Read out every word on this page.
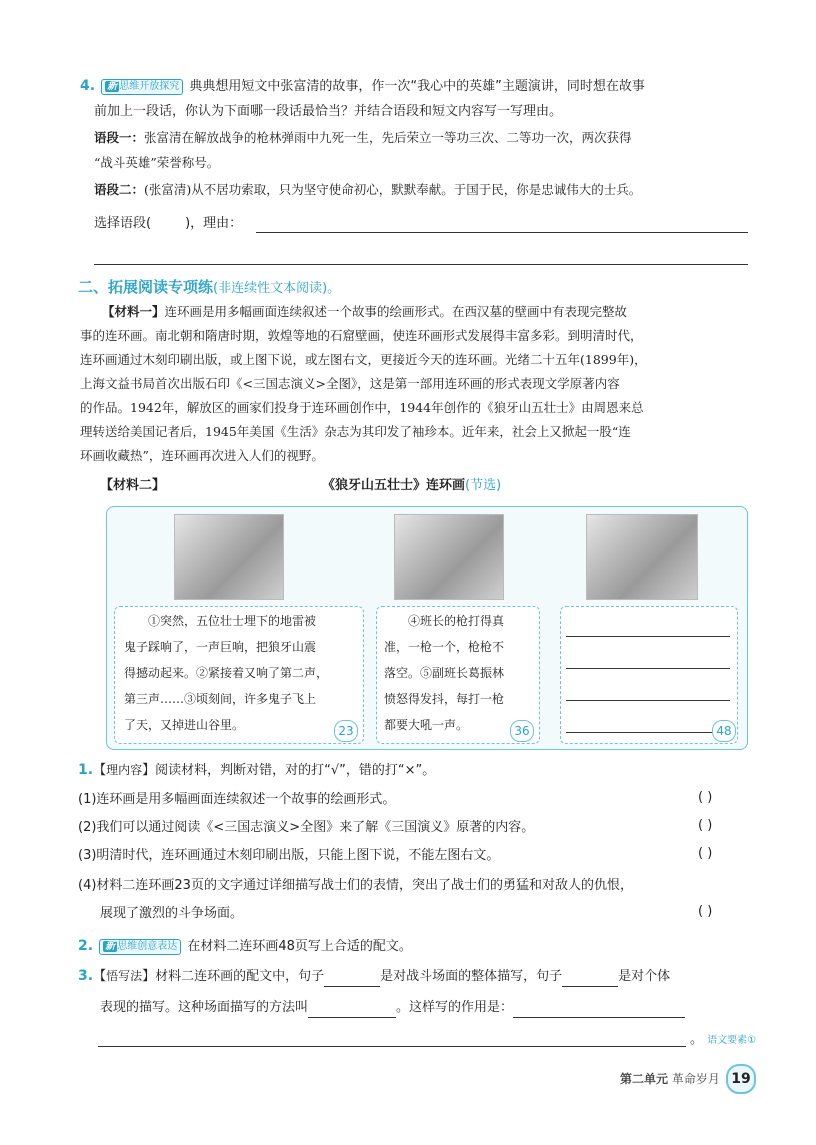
4. 新 思维开放探究 典典想用短文中张富清的故事，作一次“我心中的英雄”主题演讲，同时想在故事
前加上一段话，你认为下面哪一段话最恰当？并结合语段和短文内容写一写理由。
语段一：张富清在解放战争的枪林弹雨中九死一生，先后荣立一等功三次、二等功一次，两次获得
“战斗英雄”荣誉称号。
语段二：(张富清)从不居功索取，只为坚守使命初心，默默奉献。于国于民，你是忠诚伟大的士兵。
选择语段(	)，理由：
二、拓展阅读专项练(非连续性文本阅读)。
【材料一】连环画是用多幅画面连续叙述一个故事的绘画形式。在西汉墓的壁画中有表现完整故
事的连环画。南北朝和隋唐时期，敦煌等地的石窟壁画，使连环画形式发展得丰富多彩。到明清时代，
连环画通过木刻印刷出版，或上图下说，或左图右文，更接近今天的连环画。光绪二十五年(1899年)，
上海文益书局首次出版石印《<三国志演义>全图》，这是第一部用连环画的形式表现文学原著内容
的作品。1942年，解放区的画家们投身于连环画创作中，1944年创作的《狼牙山五壮士》由周恩来总
理转送给美国记者后，1945年美国《生活》杂志为其印发了袖珍本。近年来，社会上又掀起一股“连
环画收藏热”，连环画再次进入人们的视野。
【材料二】	《狼牙山五壮士》连环画(节选)
①突然，五位壮士埋下的地雷被
鬼子踩响了，一声巨响，把狼牙山震
得撼动起来。②紧接着又响了第二声，
第三声……③顷刻间，许多鬼子飞上
了天，又掉进山谷里。	23
④班长的枪打得真
准，一枪一个，枪枪不
落空。⑤副班长葛振林
愤怒得发抖，每打一枪
都要大吼一声。	36	48
1.【理内容】阅读材料，判断对错，对的打“√”，错的打“×”。
(1)连环画是用多幅画面连续叙述一个故事的绘画形式。	( )
(2)我们可以通过阅读《<三国志演义>全图》来了解《三国演义》原著的内容。	( )
(3)明清时代，连环画通过木刻印刷出版，只能上图下说，不能左图右文。	( )
(4)材料二连环画23页的文字通过详细描写战士们的表情，突出了战士们的勇猛和对敌人的仇恨，
展现了激烈的斗争场面。	( )
2. 新 思维创意表达 在材料二连环画48页写上合适的配文。
3.【悟写法】材料二连环画的配文中，句子	是对战斗场面的整体描写，句子	是对个体
表现的描写。这种场面描写的方法叫	。这样写的作用是：
。 语文要素①
第二单元 革命岁月 19
